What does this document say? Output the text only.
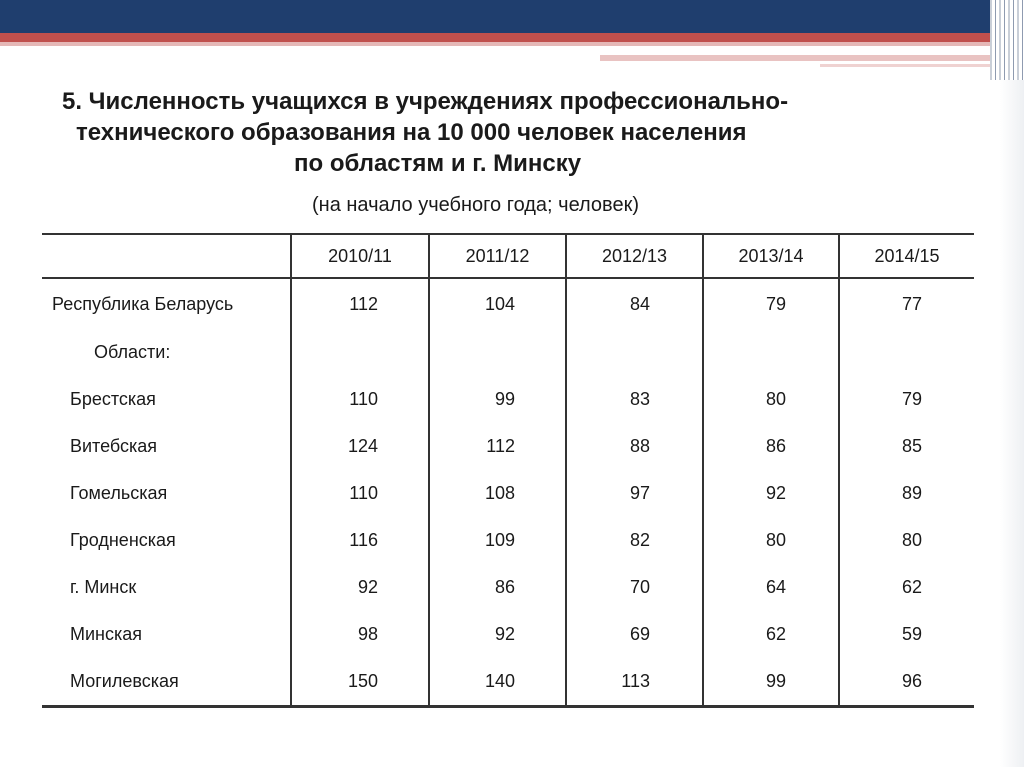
5. Численность учащихся в учреждениях профессионально-
технического образования на 10 000 человек населения
по областям и г. Минску
(на начало учебного года; человек)
	2010/11	2011/12	2012/13	2013/14	2014/15
Республика Беларусь	112	104	84	79	77
Области:					
Брестская	110	99	83	80	79
Витебская	124	112	88	86	85
Гомельская	110	108	97	92	89
Гродненская	116	109	82	80	80
г. Минск	92	86	70	64	62
Минская	98	92	69	62	59
Могилевская	150	140	113	99	96
